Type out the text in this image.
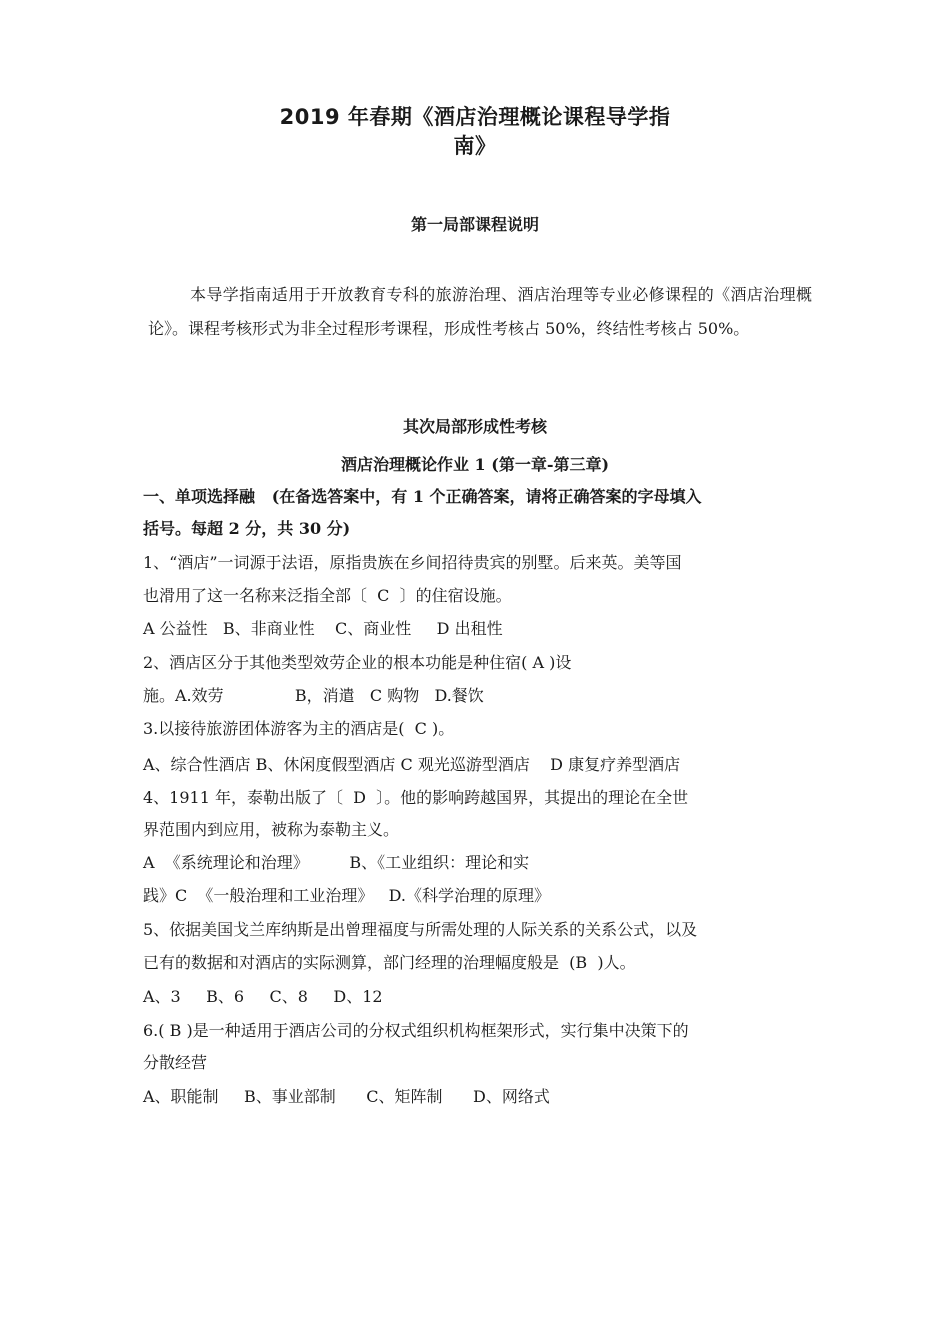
2019 年春期《酒店治理概论课程导学指
南》
第一局部课程说明
本导学指南适用于开放教育专科的旅游治理、酒店治理等专业必修课程的《酒店治理概论》。课程考核形式为非全过程形考课程，形成性考核占 50%，终结性考核占 50%。
其次局部形成性考核
酒店治理概论作业 1 (第一章-第三章)
一、单项选择融   (在备选答案中，有 1 个正确答案，请将正确答案的字母填入
括号。每超 2 分，共 30 分)
1、“酒店”一词源于法语，原指贵族在乡间招待贵宾的别墅。后来英。美等国
也滑用了这一名称来泛指全部〔  C  〕的住宿设施。
A 公益性   B、非商业性    C、商业性     D 出租性
2、酒店区分于其他类型效劳企业的根本功能是种住宿( A )设
施。A.效劳              B，消遣   C 购物   D.餐饮
3.以接待旅游团体游客为主的酒店是(  C )。
A、综合性酒店 B、休闲度假型酒店 C 观光巡游型酒店    D 康复疗养型酒店
4、1911 年，泰勒出版了〔  D  〕。他的影响跨越国界，其提出的理论在全世
界范围内到应用，被称为泰勒主义。
A  《系统理论和治理》        B、《工业组织：理论和实
践》C  《一般治理和工业治理》   D.《科学治理的原理》
5、依据美国戈兰库纳斯是出曾理福度与所需处理的人际关系的关系公式，以及
已有的数据和对酒店的实际测算，部门经理的治理幅度般是  (B  )人。
A、3     B、6     C、8     D、12
6.( B )是一种适用于酒店公司的分权式组织机构框架形式，实行集中决策下的
分散经营
A、职能制     B、事业部制      C、矩阵制      D、网络式
